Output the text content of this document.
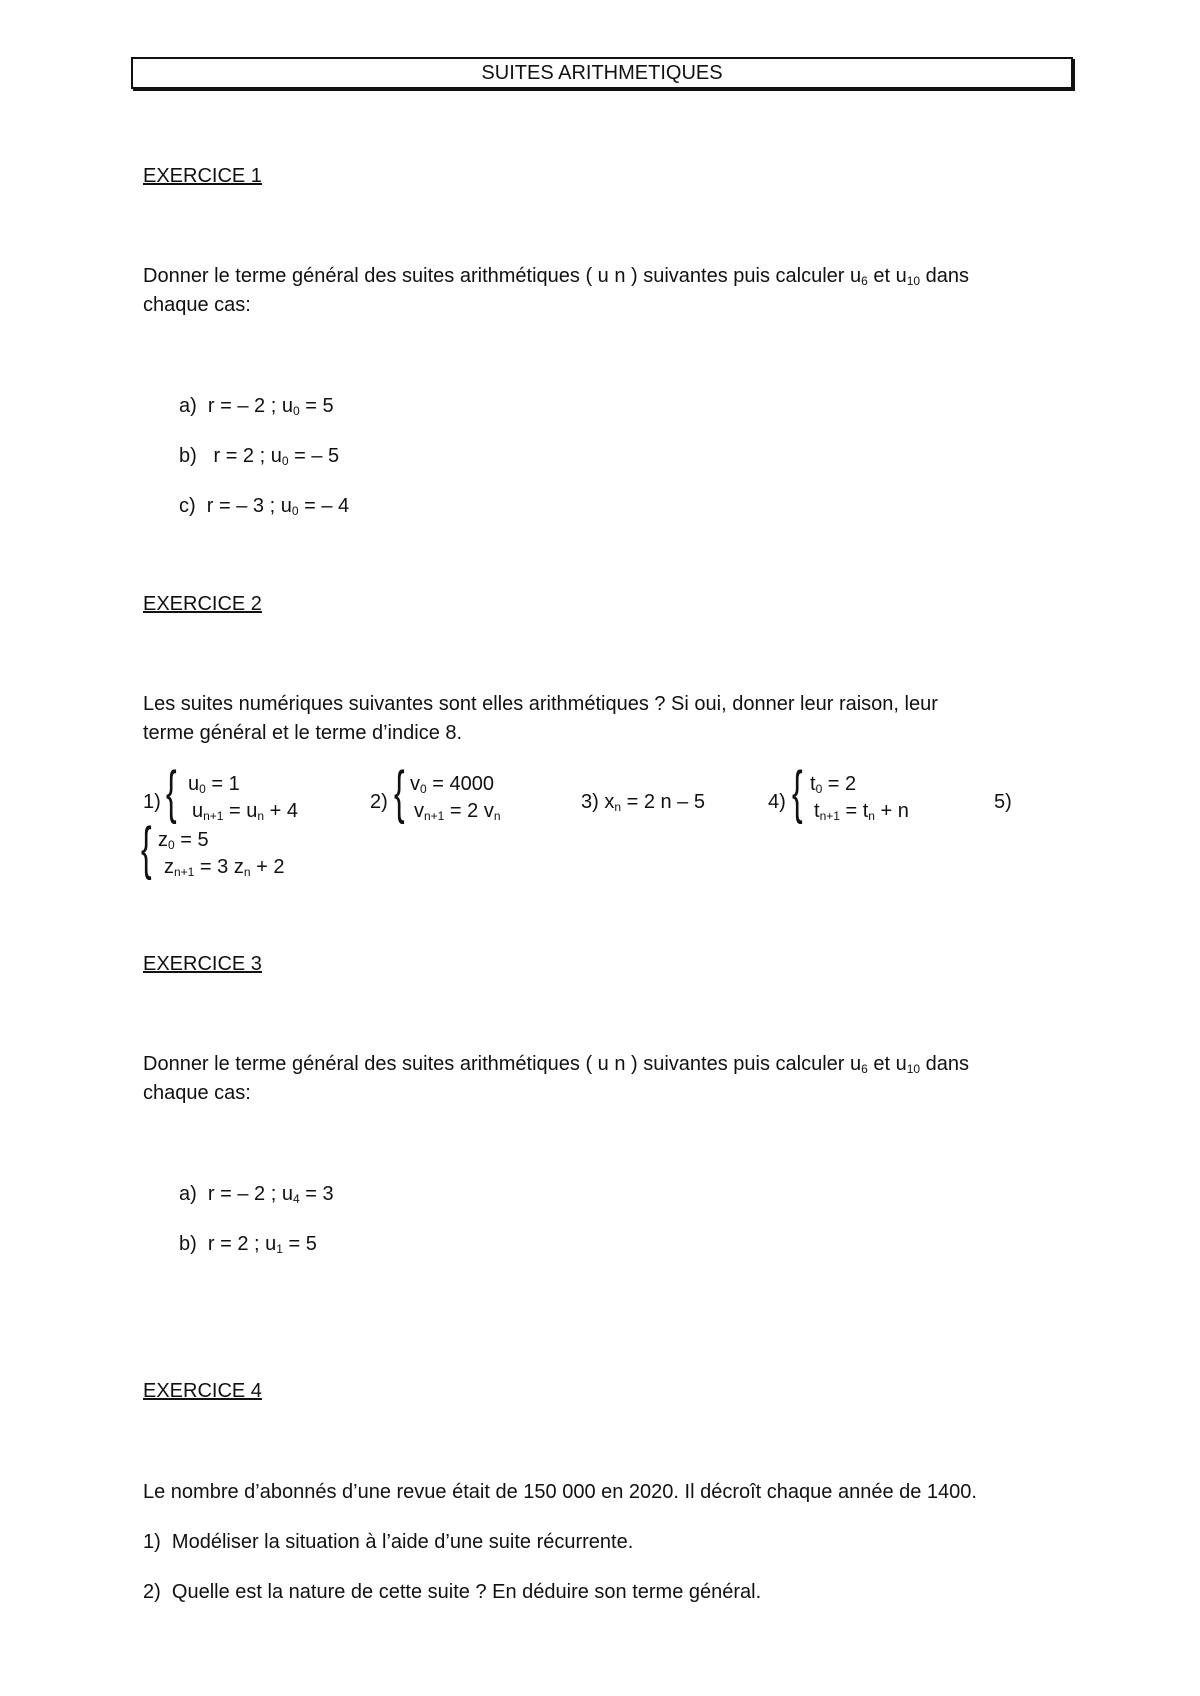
SUITES ARITHMETIQUES
EXERCICE 1
Donner le terme général des suites arithmétiques ( u n ) suivantes puis calculer $u_6$ et $u_{10}$ dans
chaque cas:
a) r = – 2 ; $u_0 = 5$
b)   r = 2 ; $u_0$ = – 5
c) r = – 3 ; $u_0$ = – 4
EXERCICE 2
Les suites numériques suivantes sont elles arithmétiques ? Si oui, donner leur raison, leur
terme général et le terme d’indice 8.
1) { $u_0 = 1$
$u_{n+1} = u_n + 4$	2) { $v_0 = 4000$
$v_{n+1} = 2$ $v_n$
3) $x_n = 2$ n – 5	4) { $t_0 = 2$
$t_{n+1} = t_n + n$	5)
{ $z_0 = 5$
$z_{n+1} = 3$ $z_n + 2$
EXERCICE 3
Donner le terme général des suites arithmétiques ( u n ) suivantes puis calculer $u_6$ et $u_{10}$ dans
chaque cas:
a) r = – 2 ; $u_4 = 3$
b) r = 2 ; $u_1 = 5$
EXERCICE 4
Le nombre d’abonnés d’une revue était de 150 000 en 2020. Il décroît chaque année de 1400.
1) Modéliser la situation à l’aide d’une suite récurrente.
2) Quelle est la nature de cette suite ? En déduire son terme général.
